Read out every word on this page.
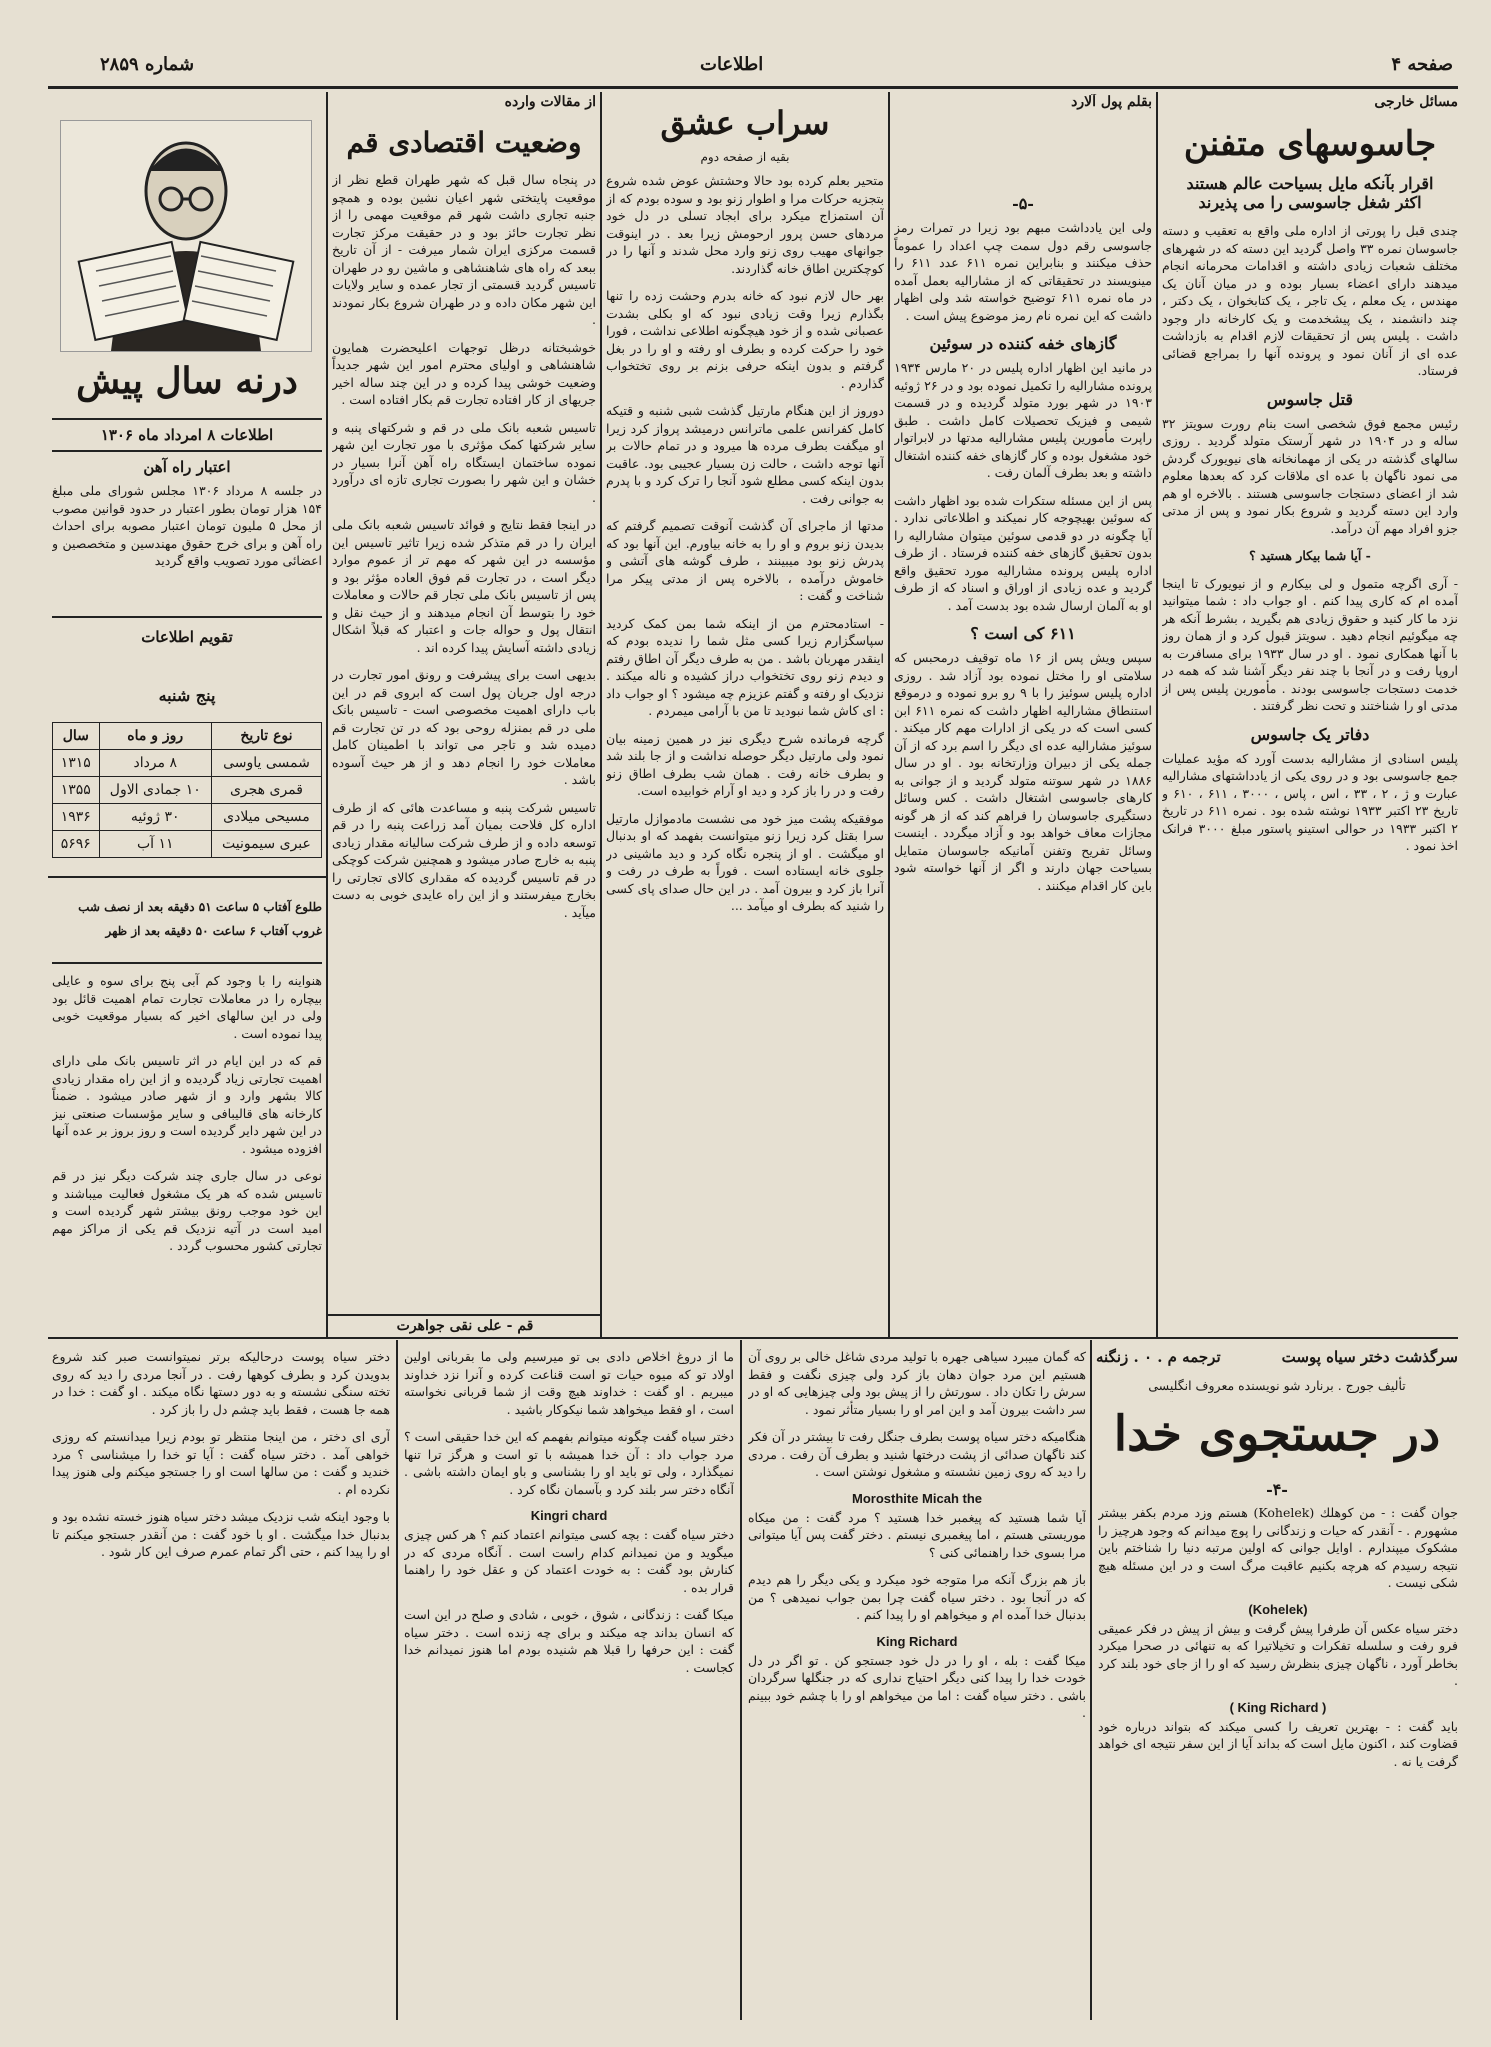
صفحه ۴
اطلاعات
شماره ۲۸۵۹
مسائل خارجی
جاسوسهای متفنن
اقرار بآنکه مایل بسیاحت عالم هستند
اکثر شغل جاسوسی را می پذیرند

چندی قبل را پورتی از اداره ملی واقع به تعقیب و دسته جاسوسان نمره ۳۳ واصل گردید این دسته که در شهرهای مختلف شعبات زیادی داشته و اقدامات محرمانه انجام میدهند دارای اعضاء بسیار بوده و در میان آنان یک مهندس ، یک معلم ، یک تاجر ، یک کتابخوان ، یک دکتر ، چند دانشمند ، یک پیشخدمت و یک کارخانه دار وجود داشت . پلیس پس از تحقیقات لازم اقدام به بازداشت عده ای از آنان نمود و پرونده آنها را بمراجع قضائی فرستاد.

قتل جاسوس

رئیس مجمع فوق شخصی است بنام رورت سویتز ۳۲ ساله و در ۱۹۰۴ در شهر آرستک متولد گردید . روزی سالهای گذشته در یکی از مهمانخانه های نیویورک گردش می نمود ناگهان با عده ای ملاقات کرد که بعدها معلوم شد از اعضای دستجات جاسوسی هستند . بالاخره او هم وارد این دسته گردید و شروع بکار نمود و پس از مدتی جزو افراد مهم آن درآمد.

- آیا شما بیکار هستید ؟

- آری اگرچه متمول و لی بیکارم و از نیویورک تا اینجا آمده ام که کاری پیدا کنم . او جواب داد : شما میتوانید نزد ما کار کنید و حقوق زیادی هم بگیرید ، بشرط آنکه هر چه میگوئیم انجام دهید . سویتز قبول کرد و از همان روز با آنها همکاری نمود . او در سال ۱۹۳۳ برای مسافرت به اروپا رفت و در آنجا با چند نفر دیگر آشنا شد که همه در خدمت دستجات جاسوسی بودند . مأمورین پلیس پس از مدتی او را شناختند و تحت نظر گرفتند .

دفاتر یک جاسوس

پلیس اسنادی از مشارالیه بدست آورد که مؤید عملیات جمع جاسوسی بود و در روی یکی از یادداشتهای مشارالیه عبارت و ژ ، ۲ ، ۳۳ ، اس ، پاس ، ۳۰۰۰ ، ۶۱۱ ، ۶۱۰ و تاریخ ۲۳ اکتبر ۱۹۳۳ نوشته شده بود . نمره ۶۱۱ در تاریخ ۲ اکتبر ۱۹۳۳ در حوالی استینو پاستور مبلغ ۳۰۰۰ فرانک اخذ نمود .

بقلم پول آلارد
-۵-

ولی این یادداشت مبهم بود زیرا در تمرات رمز جاسوسی رقم دول سمت چپ اعداد را عموماً حذف میکنند و بنابراین نمره ۶۱۱ عدد ۶۱۱ را مینویسند در تحقیقاتی که از مشارالیه بعمل آمده در ماه نمره ۶۱۱ توضیح خواسته شد ولی اظهار داشت که این نمره نام رمز موضوع پیش است .

گازهای خفه کننده در سوئین

در مانید این اظهار اداره پلیس در ۲۰ مارس ۱۹۳۴ پرونده مشارالیه را تکمیل نموده بود و در ۲۶ ژوئیه ۱۹۰۳ در شهر بورد متولد گردیده و در قسمت شیمی و فیزیک تحصیلات کامل داشت . طبق راپرت مأمورین پلیس مشارالیه مدتها در لابراتوار خود مشغول بوده و کار گازهای خفه کننده اشتغال داشته و بعد بطرف آلمان رفت .

پس از این مسئله ستکرات شده بود اظهار داشت که سوئین بهیچوجه کار نمیکند و اطلاعاتی ندارد . آیا چگونه در دو قدمی سوئین میتوان مشارالیه را بدون تحقیق گازهای خفه کننده فرستاد . از طرف اداره پلیس پرونده مشارالیه مورد تحقیق واقع گردید و عده زیادی از اوراق و اسناد که از طرف او به آلمان ارسال شده بود بدست آمد .

۶۱۱ کی است ؟

سپس ویش پس از ۱۶ ماه توقیف درمحبس که سلامتی او را مختل نموده بود آزاد شد . روزی اداره پلیس سوئیز را با ۹ رو برو نموده و درموقع استنطاق مشارالیه اظهار داشت که نمره ۶۱۱ ابن کسی است که در یکی از ادارات مهم کار میکند . سوئیز مشارالیه عده ای دیگر را اسم برد که از آن جمله یکی از دبیران وزارتخانه بود . او در سال ۱۸۸۶ در شهر سوتنه متولد گردید و از جوانی به کارهای جاسوسی اشتغال داشت . کس وسائل دستگیری جاسوسان را فراهم کند که از هر گونه مجازات معاف خواهد بود و آزاد میگردد . اینست وسائل تفریح وتفنن آمانیکه جاسوسان متمایل بسیاحت جهان دارند و اگر از آنها خواسته شود باین کار اقدام میکنند .

سراب عشق
بقیه از صفحه دوم

متحیر بعلم کرده بود حالا وحشتش عوض شده شروع بتجزیه حرکات مرا و اطوار زنو بود و سوده بودم که از آن استمزاج میکرد برای ابجاد تسلی در دل خود مردهای حسن پرور ارحومش زیرا بعد . در اینوقت جوانهای مهیب روی زنو وارد محل شدند و آنها را در کوچکترین اطاق خانه گذاردند.

بهر حال لازم نبود که خانه بدرم وحشت زده را تنها بگذارم زیرا وقت زیادی نبود که او بکلی بشدت عصبانی شده و از خود هیچگونه اطلاعی نداشت ، فورا خود را حرکت کرده و بطرف او رفته و او را در بغل گرفتم و بدون اینکه حرفی بزنم بر روی تختخواب گذاردم .

دوروز از این هنگام مارتیل گذشت شبی شنبه و قتیکه کامل کفرانس علمی ماترانس درمیشد پرواز کرد زیرا او میگفت بطرف مرده ها میرود و در تمام حالات بر آنها توجه داشت ، حالت زن بسیار عجیبی بود. عاقبت بدون اینکه کسی مطلع شود آنجا را ترک کرد و با پدرم به جوانی رفت .

مدتها از ماجرای آن گذشت آنوقت تصمیم گرفتم که بدیدن زنو بروم و او را به خانه بیاورم. این آنها بود که پدرش زنو بود میبینند ، طرف گوشه های آتشی و خاموش درآمده ، بالاخره پس از مدتی پیکر مرا شناخت و گفت :

- استادمحترم من از اینکه شما بمن کمک کردید سپاسگزارم زیرا کسی مثل شما را ندیده بودم که اینقدر مهربان باشد . من به طرف دیگر آن اطاق رفتم و دیدم زنو روی تختخواب دراز کشیده و ناله میکند . نزدیک او رفته و گفتم عزیزم چه میشود ؟ او جواب داد : ای کاش شما نبودید تا من با آرامی میمردم .

گرچه فرمانده شرح دیگری نیز در همین زمینه بیان نمود ولی مارتیل دیگر حوصله نداشت و از جا بلند شد و بطرف خانه رفت . همان شب بطرف اطاق زنو رفت و در را باز کرد و دید او آرام خوابیده است.

موفقیکه پشت میز خود می نشست مادموازل مارتیل سرا بقتل کرد زیرا زنو میتوانست بفهمد که او بدنبال او میگشت . او از پنجره نگاه کرد و دید ماشینی در جلوی خانه ایستاده است . فوراً به طرف در رفت و آنرا باز کرد و بیرون آمد . در این حال صدای پای کسی را شنید که بطرف او میآمد ...

از مقالات وارده
وضعیت اقتصادی قم

در پنجاه سال قبل که شهر طهران قطع نظر از موقعیت پایتختی شهر اعیان نشین بوده و همچو جنبه تجاری داشت شهر قم موقعیت مهمی را از نظر تجارت حائز بود و در حقیقت مرکز تجارت قسمت مرکزی ایران شمار میرفت - از آن تاریخ ببعد که راه های شاهنشاهی و ماشین رو در طهران تاسیس گردید قسمتی از تجار عمده و سایر ولایات این شهر مکان داده و در طهران شروع بکار نمودند .

خوشبختانه درظل توجهات اعلیحضرت همایون شاهنشاهی و اولیای محترم امور این شهر جدیداً وضعیت خوشی پیدا کرده و در این چند ساله اخیر جریهای از کار افتاده تجارت قم بکار افتاده است .

تاسیس شعبه بانک ملی در قم و شرکتهای پنبه و سایر شرکتها کمک مؤثری با مور تجارت این شهر نموده ساختمان ایستگاه راه آهن آنرا بسیار در خشان و این شهر را بصورت تجاری تازه ای درآورد .

در اینجا فقط نتایج و فوائد تاسیس شعبه بانک ملی ایران را در قم متذکر شده زیرا تاثیر تاسیس این مؤسسه در این شهر که مهم تر از عموم موارد دیگر است ، در تجارت قم فوق العاده مؤثر بود و پس از تاسیس بانک ملی تجار قم حالات و معاملات خود را بتوسط آن انجام میدهند و از حیث نقل و انتقال پول و حواله جات و اعتبار که قبلاً اشکال زیادی داشته آسایش پیدا کرده اند .

بدیهی است برای پیشرفت و رونق امور تجارت در درجه اول جریان پول است که ابروی قم در این باب دارای اهمیت مخصوصی است - تاسیس بانک ملی در قم بمنزله روحی بود که در تن تجارت قم دمیده شد و تاجر می تواند با اطمینان کامل معاملات خود را انجام دهد و از هر حیث آسوده باشد .

تاسیس شرکت پنبه و مساعدت هائی که از طرف اداره کل فلاحت بمیان آمد زراعت پنبه را در قم توسعه داده و از طرف شرکت سالیانه مقدار زیادی پنبه به خارج صادر میشود و همچنین شرکت کوچکی در قم تاسیس گردیده که مقداری کالای تجارتی را بخارج میفرستند و از این راه عایدی خوبی به دست میآید .

قم - علی نقی جواهرت
درنه سال پیش
اطلاعات ۸ امرداد ماه ۱۳۰۶
اعتبار راه آهن

در جلسه ۸ مرداد ۱۳۰۶ مجلس شورای ملی مبلغ ۱۵۴ هزار تومان بطور اعتبار در حدود قوانین مصوب از محل ۵ ملیون تومان اعتبار مصوبه برای احداث راه آهن و برای خرج حقوق مهندسین و متخصصین و اعضائی مورد تصویب واقع گردید

تقویم اطلاعات
پنج شنبه
نوع تاریخ	روز و ماه	سال
شمسی یاوسی	۸ مرداد	۱۳۱۵
قمری هجری	۱۰ جمادی الاول	۱۳۵۵
مسیحی میلادی	۳۰ ژوئیه	۱۹۳۶
عبری سیمونیت	۱۱ آب	۵۶۹۶
طلوع آفتاب ۵ ساعت ۵۱ دقیقه بعد از نصف شب
غروب آفتاب ۶ ساعت ۵۰ دقیقه بعد از ظهر

هنواینه را با وجود کم آبی پنج برای سوه و عایلی بیچاره را در معاملات تجارت تمام اهمیت قائل بود ولی در این سالهای اخیر که بسیار موقعیت خوبی پیدا نموده است .

قم که در این ایام در اثر تاسیس بانک ملی دارای اهمیت تجارتی زیاد گردیده و از این راه مقدار زیادی کالا بشهر وارد و از شهر صادر میشود . ضمناً کارخانه های قالیبافی و سایر مؤسسات صنعتی نیز در این شهر دایر گردیده است و روز بروز بر عده آنها افزوده میشود .

نوعی در سال جاری چند شرکت دیگر نیز در قم تاسیس شده که هر یک مشغول فعالیت میباشند و این خود موجب رونق بیشتر شهر گردیده است و امید است در آتیه نزدیک قم یکی از مراکز مهم تجارتی کشور محسوب گردد .

سرگذشت دختر سیاه پوست
ترجمه م . ۰ . زنگنه
تألیف جورج . برنارد شو نویسنده معروف انگلیسی
در جستجوی خدا
-۴-

جوان گفت : - من کوهلك (Kohelek) هستم وزد مردم بکفر بیشتر مشهورم . - آنقدر که حیات و زندگانی را پوچ میدانم که وجود هرچیز را مشکوک میپندارم . اوایل جوانی که اولین مرتبه دنیا را شناختم باین نتیجه رسیدم که هرچه بکنیم عاقبت مرگ است و در این مسئله هیچ شکی نیست .

(Kohelek)

دختر سیاه عکس آن طرفرا پیش گرفت و بیش از پیش در فکر عمیقی فرو رفت و سلسله تفکرات و تخیلاتیرا که به تنهائی در صحرا میکرد بخاطر آورد ، ناگهان چیزی بنظرش رسید که او را از جای خود بلند کرد .

( King Richard )

باید گفت : - بهترین تعریف را کسی میکند که بتواند درباره خود قضاوت کند ، اکنون مایل است که بداند آیا از این سفر نتیجه ای خواهد گرفت یا نه .

که گمان میبرد سیاهی جهره با تولید مردی شاغل خالی بر روی آن هستیم این مرد جوان دهان باز کرد ولی چیزی نگفت و فقط سرش را تکان داد . سورتش را از پیش بود ولی چیزهایی که او در سر داشت بیرون آمد و این امر او را بسیار متأثر نمود .

هنگامیکه دختر سیاه پوست بطرف جنگل رفت تا بیشتر در آن فکر کند ناگهان صدائی از پشت درختها شنید و بطرف آن رفت . مردی را دید که روی زمین نشسته و مشغول نوشتن است .

Morosthite Micah the

آیا شما هستید که پیغمبر خدا هستید ؟ مرد گفت : من میکاه موریستی هستم ، اما پیغمبری نیستم . دختر گفت پس آیا میتوانی مرا بسوی خدا راهنمائی کنی ؟

باز هم بزرگ آنکه مرا متوجه خود میکرد و یکی دیگر را هم دیدم که در آنجا بود . دختر سیاه گفت چرا بمن جواب نمیدهی ؟ من بدنبال خدا آمده ام و میخواهم او را پیدا کنم .

King Richard

میکا گفت : بله ، او را در دل خود جستجو کن . تو اگر در دل خودت خدا را پیدا کنی دیگر احتیاج نداری که در جنگلها سرگردان باشی . دختر سیاه گفت : اما من میخواهم او را با چشم خود ببینم .

ما از دروغ اخلاص دادی بی تو میرسیم ولی ما بقربانی اولین اولاد تو که میوه حیات تو است قناعت کرده و آنرا نزد خداوند میبریم . او گفت : خداوند هیچ وقت از شما قربانی نخواسته است ، او فقط میخواهد شما نیکوکار باشید .

دختر سیاه گفت چگونه میتوانم بفهمم که این خدا حقیقی است ؟ مرد جواب داد : آن خدا همیشه با تو است و هرگز ترا تنها نمیگذارد ، ولی تو باید او را بشناسی و باو ایمان داشته باشی . آنگاه دختر سر بلند کرد و بآسمان نگاه کرد .

Kingri chard

دختر سیاه گفت : بچه کسی میتوانم اعتماد کنم ؟ هر کس چیزی میگوید و من نمیدانم کدام راست است . آنگاه مردی که در کنارش بود گفت : به خودت اعتماد کن و عقل خود را راهنما قرار بده .

میکا گفت : زندگانی ، شوق ، خوبی ، شادی و صلح در این است که انسان بداند چه میکند و برای چه زنده است . دختر سیاه گفت : این حرفها را قبلا هم شنیده بودم اما هنوز نمیدانم خدا کجاست .

دختر سیاه پوست درحالیکه برتر نمیتوانست صبر کند شروع بدویدن کرد و بطرف کوهها رفت . در آنجا مردی را دید که روی تخته سنگی نشسته و به دور دستها نگاه میکند . او گفت : خدا در همه جا هست ، فقط باید چشم دل را باز کرد .

آری ای دختر ، من اینجا منتظر تو بودم زیرا میدانستم که روزی خواهی آمد . دختر سیاه گفت : آیا تو خدا را میشناسی ؟ مرد خندید و گفت : من سالها است او را جستجو میکنم ولی هنوز پیدا نکرده ام .

با وجود اینکه شب نزدیک میشد دختر سیاه هنوز خسته نشده بود و بدنبال خدا میگشت . او با خود گفت : من آنقدر جستجو میکنم تا او را پیدا کنم ، حتی اگر تمام عمرم صرف این کار شود .
